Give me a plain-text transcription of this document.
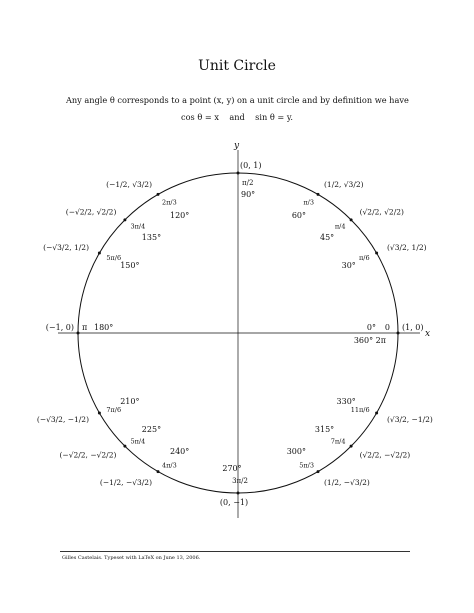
Unit Circle
Any angle θ corresponds to a point (x, y) on a unit circle and by definition we have
cos θ = x    and    sin θ = y.
x
y
(1, 0)
0
0°
360° 2π
(√3/2, 1/2)
π/6
30°
(√2/2, √2/2)
π/4
45°
(1/2, √3/2)
π/3
60°
(0, 1)
π/2
90°
(−1/2, √3/2)
2π/3
120°
(−√2/2, √2/2)
3π/4
135°
(−√3/2, 1/2)
5π/6
150°
(−1, 0) π 180°
(−√3/2, −1/2)
7π/6
210°
(−√2/2, −√2/2)
5π/4
225°
(−1/2, −√3/2)
4π/3
240°
(0, −1)
3π/2
270°
(1/2, −√3/2)
5π/3
300°	(√2/2, −√2/2)
7π/4
315°
(√3/2, −1/2)
11π/6
330°
Gilles Castelais. Typeset with LaTeX on June 13, 2006.
